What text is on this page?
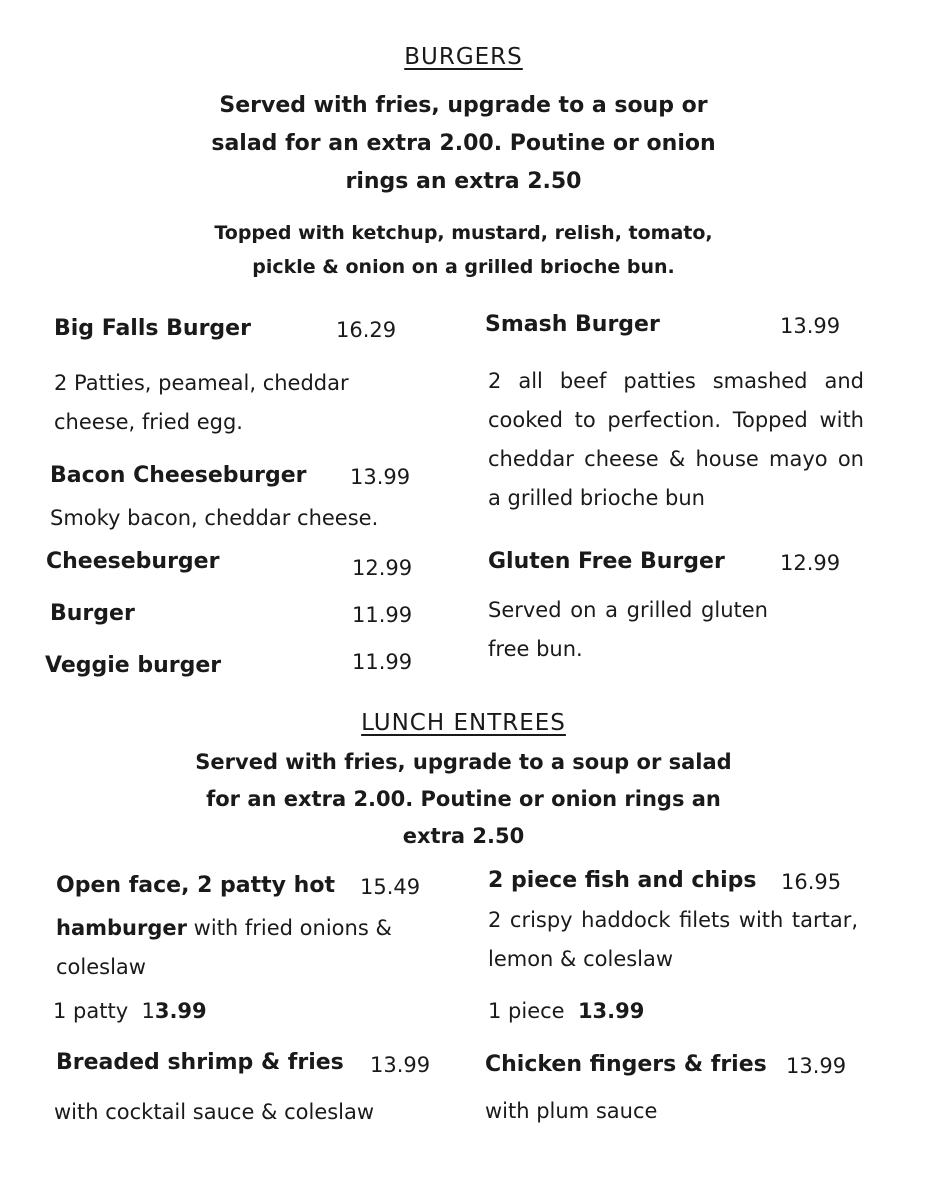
BURGERS
Served with fries, upgrade to a soup or
salad for an extra 2.00. Poutine or onion
rings an extra 2.50
Topped with ketchup, mustard, relish, tomato,
pickle & onion on a grilled brioche bun.
Big Falls Burger	16.29
2 Patties, peameal, cheddar
cheese, fried egg.
Bacon Cheeseburger 13.99
Smoky bacon, cheddar cheese.
Cheeseburger	12.99
Burger	11.99
Veggie burger	11.99
Smash Burger	13.99
2 all beef patties smashed and cooked to perfection. Topped with cheddar cheese & house mayo on a grilled brioche bun
Gluten Free Burger	12.99
Served on a grilled gluten free bun.
LUNCH ENTREES
Served with fries, upgrade to a soup or salad
for an extra 2.00. Poutine or onion rings an
extra 2.50
Open face, 2 patty hot 15.49
hamburger with fried onions &
coleslaw
1 patty  13.99
2 piece fish and chips 16.95
2 crispy haddock filets with tartar, lemon & coleslaw
1 piece  13.99
Breaded shrimp & fries 13.99
with cocktail sauce & coleslaw
Chicken fingers & fries 13.99
with plum sauce
